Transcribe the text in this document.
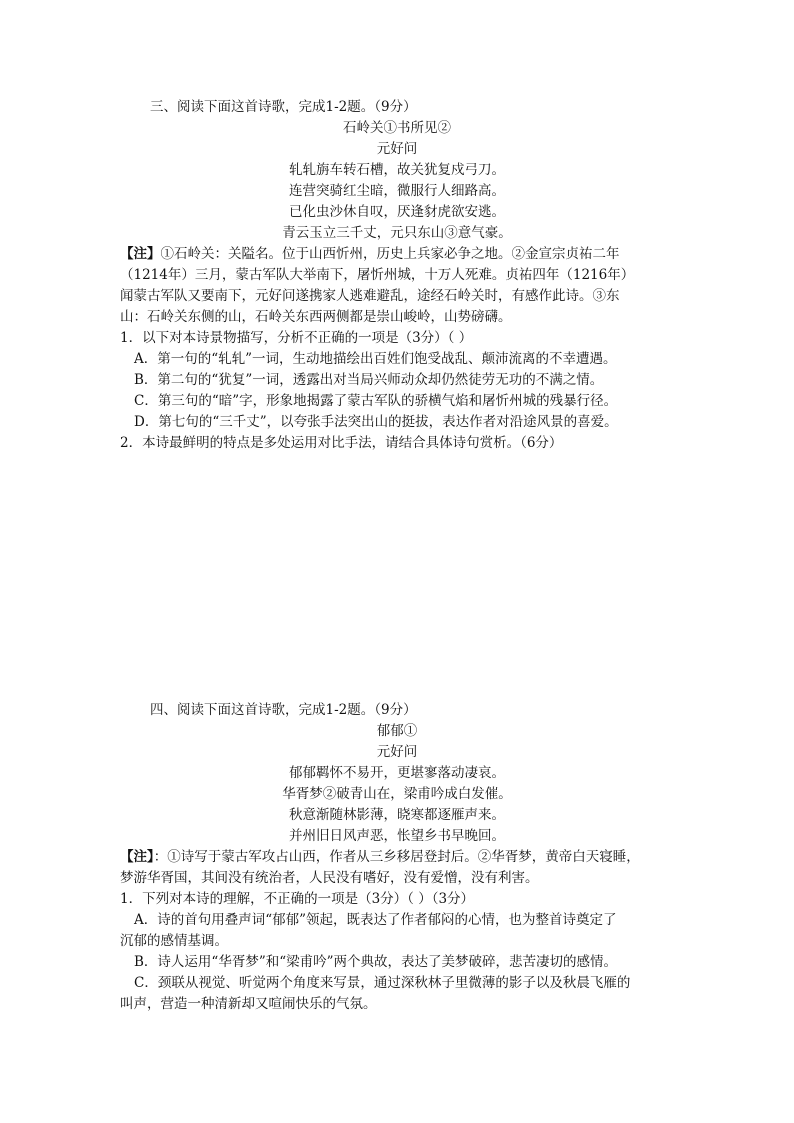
三、阅读下面这首诗歌，完成1-2题。（9分）
石岭关①书所见②
元好问
轧轧旃车转石槽，故关犹复戍弓刀。
连营突骑红尘暗，微服行人细路高。
已化虫沙休自叹，厌逢豺虎欲安逃。
青云玉立三千丈，元只东山③意气豪。
【注】①石岭关：关隘名。位于山西忻州，历史上兵家必争之地。②金宣宗贞祐二年
（1214年）三月，蒙古军队大举南下，屠忻州城，十万人死难。贞祐四年（1216年）
闻蒙古军队又要南下，元好问遂携家人逃难避乱，途经石岭关时，有感作此诗。③东
山：石岭关东侧的山，石岭关东西两侧都是崇山峻岭，山势磅礴。
1．以下对本诗景物描写，分析不正确的一项是（3分）（ ）
A．第一句的“轧轧”一词，生动地描绘出百姓们饱受战乱、颠沛流离的不幸遭遇。
B．第二句的“犹复”一词，透露出对当局兴师动众却仍然徒劳无功的不满之情。
C．第三句的“暗”字，形象地揭露了蒙古军队的骄横气焰和屠忻州城的残暴行径。
D．第七句的“三千丈”，以夸张手法突出山的挺拔，表达作者对沿途风景的喜爱。
2．本诗最鲜明的特点是多处运用对比手法，请结合具体诗句赏析。（6分）
四、阅读下面这首诗歌，完成1-2题。（9分）
郁郁①
元好问
郁郁羁怀不易开，更堪寥落动凄哀。
华胥梦②破青山在，梁甫吟成白发催。
秋意渐随林影薄，晓寒都逐雁声来。
并州旧日风声恶，怅望乡书早晚回。
【注】：①诗写于蒙古军攻占山西，作者从三乡移居登封后。②华胥梦，黄帝白天寝睡，
梦游华胥国，其间没有统治者，人民没有嗜好，没有爱憎，没有利害。
1．下列对本诗的理解，不正确的一项是（3分）（ ）（3分）
A．诗的首句用叠声词“郁郁”领起，既表达了作者郁闷的心情，也为整首诗奠定了
沉郁的感情基调。
B．诗人运用“华胥梦”和“梁甫吟”两个典故，表达了美梦破碎，悲苦凄切的感情。
C．颈联从视觉、听觉两个角度来写景，通过深秋林子里微薄的影子以及秋晨飞雁的
叫声，营造一种清新却又喧闹快乐的气氛。
